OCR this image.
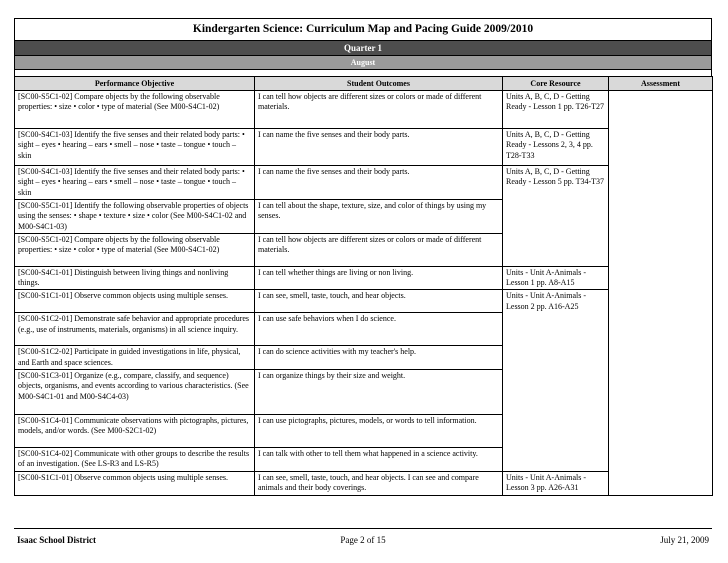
Kindergarten Science: Curriculum Map and Pacing Guide 2009/2010
Quarter 1
August
Performance Objective	Student Outcomes	Core Resource	Assessment
[SC00-S5C1-02] Compare objects by the following observable properties: • size • color • type of material (See M00-S4C1-02)	I can tell how objects are different sizes or colors or made of different materials.	Units A, B, C, D - Getting Ready - Lesson 1 pp. T26-T27	
[SC00-S4C1-03] Identify the five senses and their related body parts: • sight – eyes • hearing – ears • smell – nose • taste – tongue • touch – skin	I can name the five senses and their body parts.	Units A, B, C, D - Getting Ready - Lessons 2, 3, 4 pp. T28-T33	
[SC00-S4C1-03] Identify the five senses and their related body parts: • sight – eyes • hearing – ears • smell – nose • taste – tongue • touch – skin	I can name the five senses and their body parts.	Units A, B, C, D - Getting Ready - Lesson 5 pp. T34-T37	
[SC00-S5C1-01] Identify the following observable properties of objects using the senses: • shape • texture • size • color (See M00-S4C1-02 and M00-S4C1-03)	I can tell about the shape, texture, size, and color of things by using my senses.		
[SC00-S5C1-02] Compare objects by the following observable properties: • size • color • type of material (See M00-S4C1-02)	I can tell how objects are different sizes or colors or made of different materials.		
[SC00-S4C1-01] Distinguish between living things and nonliving things.	I can tell whether things are living or non living.	Units - Unit A-Animals - Lesson 1 pp. A8-A15	
[SC00-S1C1-01] Observe common objects using multiple senses.	I can see, smell, taste, touch, and hear objects.	Units - Unit A-Animals - Lesson 2 pp. A16-A25	
[SC00-S1C2-01] Demonstrate safe behavior and appropriate procedures (e.g., use of instruments, materials, organisms) in all science inquiry.	I can use safe behaviors when I do science.		
[SC00-S1C2-02] Participate in guided investigations in life, physical, and Earth and space sciences.	I can do science activities with my teacher's help.		
[SC00-S1C3-01] Organize (e.g., compare, classify, and sequence) objects, organisms, and events according to various characteristics. (See M00-S4C1-01 and M00-S4C4-03)	I can organize things by their size and weight.		
[SC00-S1C4-01] Communicate observations with pictographs, pictures, models, and/or words. (See M00-S2C1-02)	I can use pictographs, pictures, models, or words to tell information.		
[SC00-S1C4-02] Communicate with other groups to describe the results of an investigation. (See LS-R3 and LS-R5)	I can talk with other to tell them what happened in a science activity.		
[SC00-S1C1-01] Observe common objects using multiple senses.	I can see, smell, taste, touch, and hear objects. I can see and compare animals and their body coverings.	Units - Unit A-Animals - Lesson 3 pp. A26-A31	
Isaac School District	Page 2 of 15	July 21, 2009
